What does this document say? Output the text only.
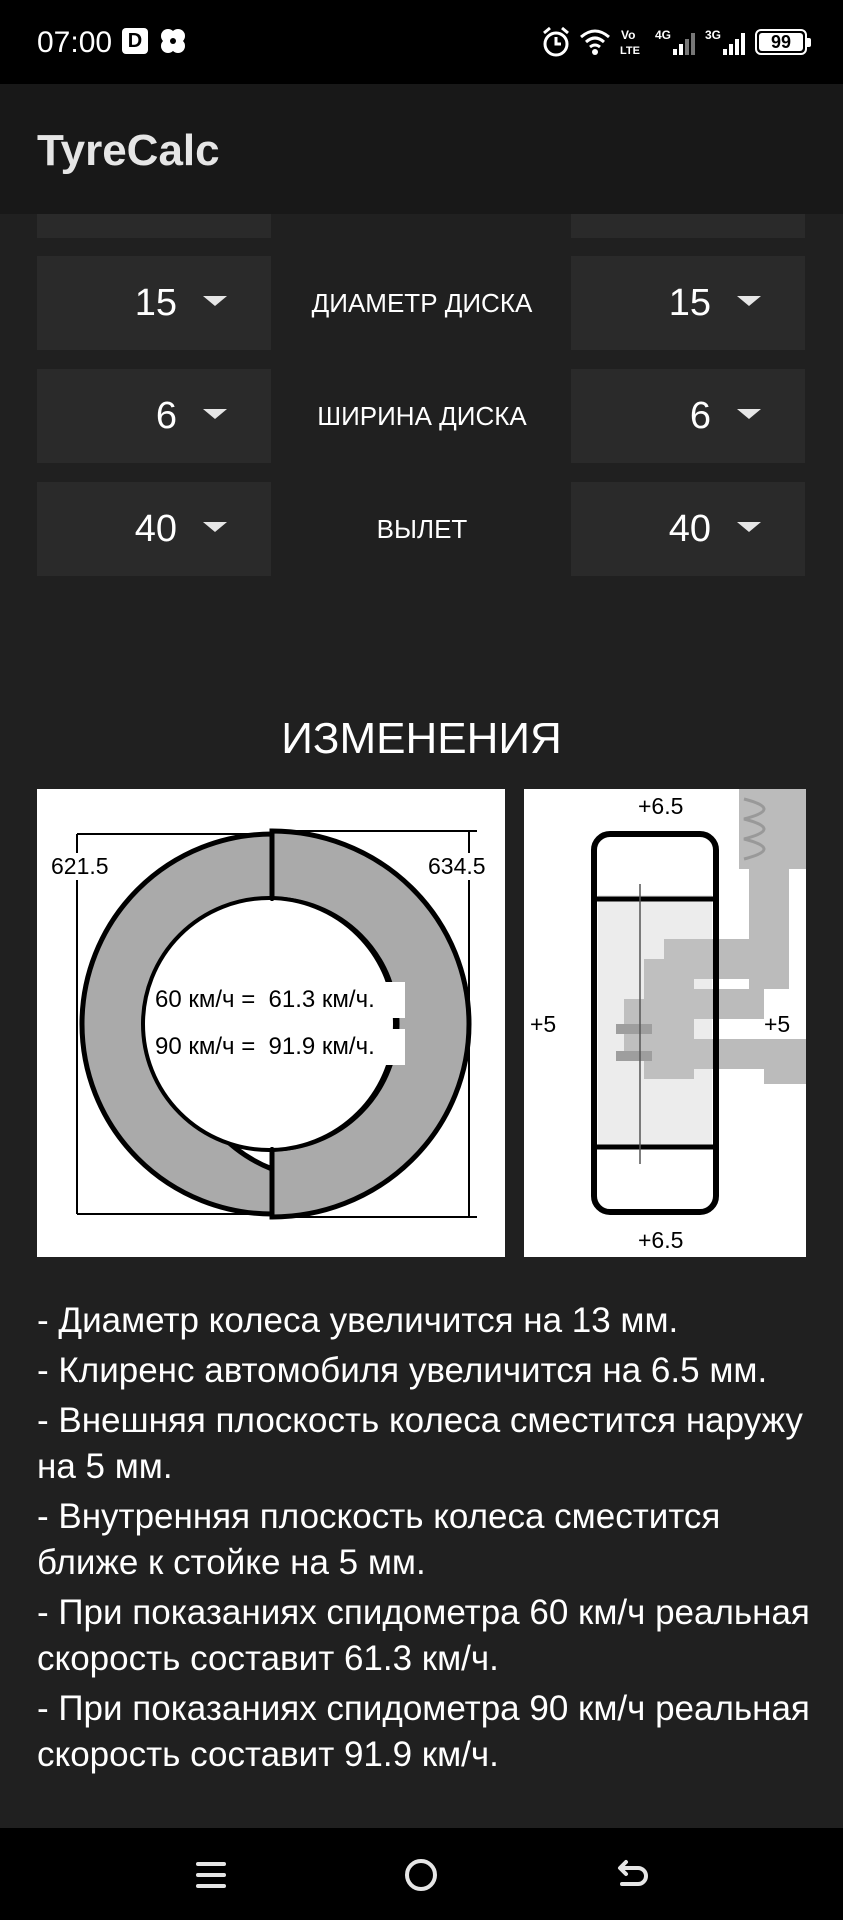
07:00 D	Vo
LTE
4G	3G	99
TyreCalc
15	ДИАМЕТР ДИСКА	15
6	ШИРИНА ДИСКА	6
40	ВЫЛЕТ	40
ИЗМЕНЕНИЯ
621.5	634.5
60 км/ч =  61.3 км/ч.
90 км/ч =  91.9 км/ч.
+6.5
+6.5
+5	+5
- Диаметр колеса увеличится на 13 мм.
- Клиренс автомобиля увеличится на 6.5 мм.
- Внешняя плоскость колеса сместится наружу на 5 мм.
- Внутренняя плоскость колеса сместится ближе к стойке на 5 мм.
- При показаниях спидометра 60 км/ч реальная скорость составит 61.3 км/ч.
- При показаниях спидометра 90 км/ч реальная скорость составит 91.9 км/ч.
